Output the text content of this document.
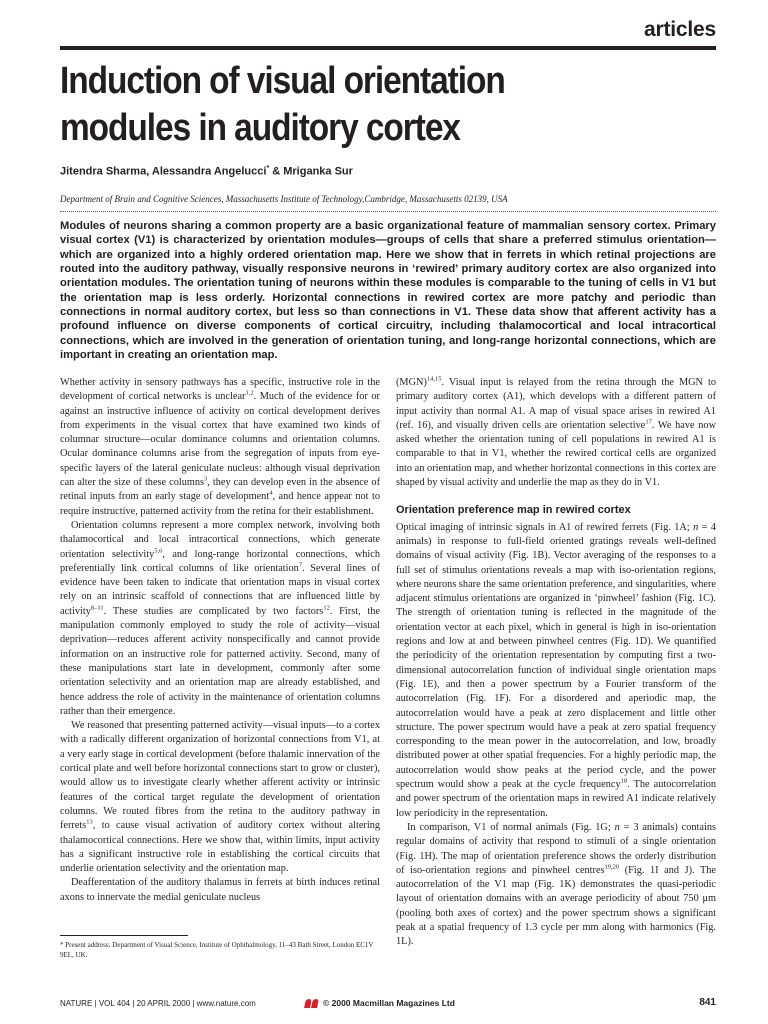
articles
Induction of visual orientation modules in auditory cortex
Jitendra Sharma, Alessandra Angelucci* & Mriganka Sur
Department of Brain and Cognitive Sciences, Massachusetts Institute of Technology,Cambridge, Massachusetts 02139, USA

Modules of neurons sharing a common property are a basic organizational feature of mammalian sensory cortex. Primary visual cortex (V1) is characterized by orientation modules—groups of cells that share a preferred stimulus orientation—which are organized into a highly ordered orientation map. Here we show that in ferrets in which retinal projections are routed into the auditory pathway, visually responsive neurons in ‘rewired’ primary auditory cortex are also organized into orientation modules. The orientation tuning of neurons within these modules is comparable to the tuning of cells in V1 but the orientation map is less orderly. Horizontal connections in rewired cortex are more patchy and periodic than connections in normal auditory cortex, but less so than connections in V1. These data show that afferent activity has a profound influence on diverse components of cortical circuitry, including thalamocortical and local intracortical connections, which are involved in the generation of orientation tuning, and long-range horizontal connections, which are important in creating an orientation map.

Whether activity in sensory pathways has a specific, instructive role in the development of cortical networks is unclear$^{1,2}$. Much of the evidence for or against an instructive influence of activity on cortical development derives from experiments in the visual cortex that have examined two kinds of columnar structure—ocular dominance columns and orientation columns. Ocular dominance columns arise from the segregation of inputs from eye-specific layers of the lateral geniculate nucleus: although visual deprivation can alter the size of these columns$^3$, they can develop even in the absence of retinal inputs from an early stage of development$^4$, and hence appear not to require instructive, patterned activity from the retina for their establishment.

Orientation columns represent a more complex network, involving both thalamocortical and local intracortical connections, which generate orientation selectivity$^{5,6}$, and long-range horizontal connections, which preferentially link cortical columns of like orientation$^7$. Several lines of evidence have been taken to indicate that orientation maps in visual cortex rely on an intrinsic scaffold of connections that are influenced little by activity$^{8-11}$. These studies are complicated by two factors$^{12}$. First, the manipulation commonly employed to study the role of activity—visual deprivation—reduces afferent activity nonspecifically and cannot provide information on an instructive role for patterned activity. Second, many of these manipulations start late in development, commonly after some orientation selectivity and an orientation map are already established, and hence address the role of activity in the maintenance of orientation columns rather than their emergence.

We reasoned that presenting patterned activity—visual inputs—to a cortex with a radically different organization of horizontal connections from V1, at a very early stage in cortical development (before thalamic innervation of the cortical plate and well before horizontal connections start to grow or cluster), would allow us to investigate clearly whether afferent activity or intrinsic features of the cortical target regulate the development of orientation columns. We routed fibres from the retina to the auditory pathway in ferrets$^{13}$, to cause visual activation of auditory cortex without altering thalamocortical connections. Here we show that, within limits, input activity has a significant instructive role in establishing the cortical circuits that underlie orientation selectivity and the orientation map.

Deafferentation of the auditory thalamus in ferrets at birth induces retinal axons to innervate the medial geniculate nucleus

(MGN)$^{14,15}$. Visual input is relayed from the retina through the MGN to primary auditory cortex (A1), which develops with a different pattern of input activity than normal A1. A map of visual space arises in rewired A1 (ref. 16), and visually driven cells are orientation selective$^{17}$. We have now asked whether the orientation tuning of cell populations in rewired A1 is comparable to that in V1, whether the rewired cortical cells are organized into an orientation map, and whether horizontal connections in this cortex are shaped by visual activity and underlie the map as they do in V1.

Orientation preference map in rewired cortex

Optical imaging of intrinsic signals in A1 of rewired ferrets (Fig. 1A; n = 4 animals) in response to full-field oriented gratings reveals well-defined domains of visual activity (Fig. 1B). Vector averaging of the responses to a full set of stimulus orientations reveals a map with iso-orientation regions, where neurons share the same orientation preference, and singularities, where adjacent stimulus orientations are organized in ‘pinwheel’ fashion (Fig. 1C). The strength of orientation tuning is reflected in the magnitude of the orientation vector at each pixel, which in general is high in iso-orientation regions and low at and between pinwheel centres (Fig. 1D). We quantified the periodicity of the orientation representation by computing first a two-dimensional autocorrelation function of individual single orientation maps (Fig. 1E), and then a power spectrum by a Fourier transform of the autocorrelation (Fig. 1F). For a disordered and aperiodic map, the autocorrelation would have a peak at zero displacement and little other structure. The power spectrum would have a peak at zero spatial frequency corresponding to the mean power in the autocorrelation, and low, broadly distributed power at other spatial frequencies. For a highly periodic map, the autocorrelation would show peaks at the period cycle, and the power spectrum would show a peak at the cycle frequency$^{18}$. The autocorrelation and power spectrum of the orientation maps in rewired A1 indicate relatively low periodicity in the representation.

In comparison, V1 of normal animals (Fig. 1G; n = 3 animals) contains regular domains of activity that respond to stimuli of a single orientation (Fig. 1H). The map of orientation preference shows the orderly distribution of iso-orientation regions and pinwheel centres$^{19,20}$ (Fig. 1I and J). The autocorrelation of the V1 map (Fig. 1K) demonstrates the quasi-periodic layout of orientation domains with an average periodicity of about 750 μm (pooling both axes of cortex) and the power spectrum shows a significant peak at a spatial frequency of 1.3 cycle per mm along with harmonics (Fig. 1L).

* Present address: Department of Visual Science, Institute of Ophthalmology, 11–43 Bath Street, London EC1V 9EL, UK.
NATURE | VOL 404 | 20 APRIL 2000 | www.nature.com	© 2000 Macmillan Magazines Ltd	841
